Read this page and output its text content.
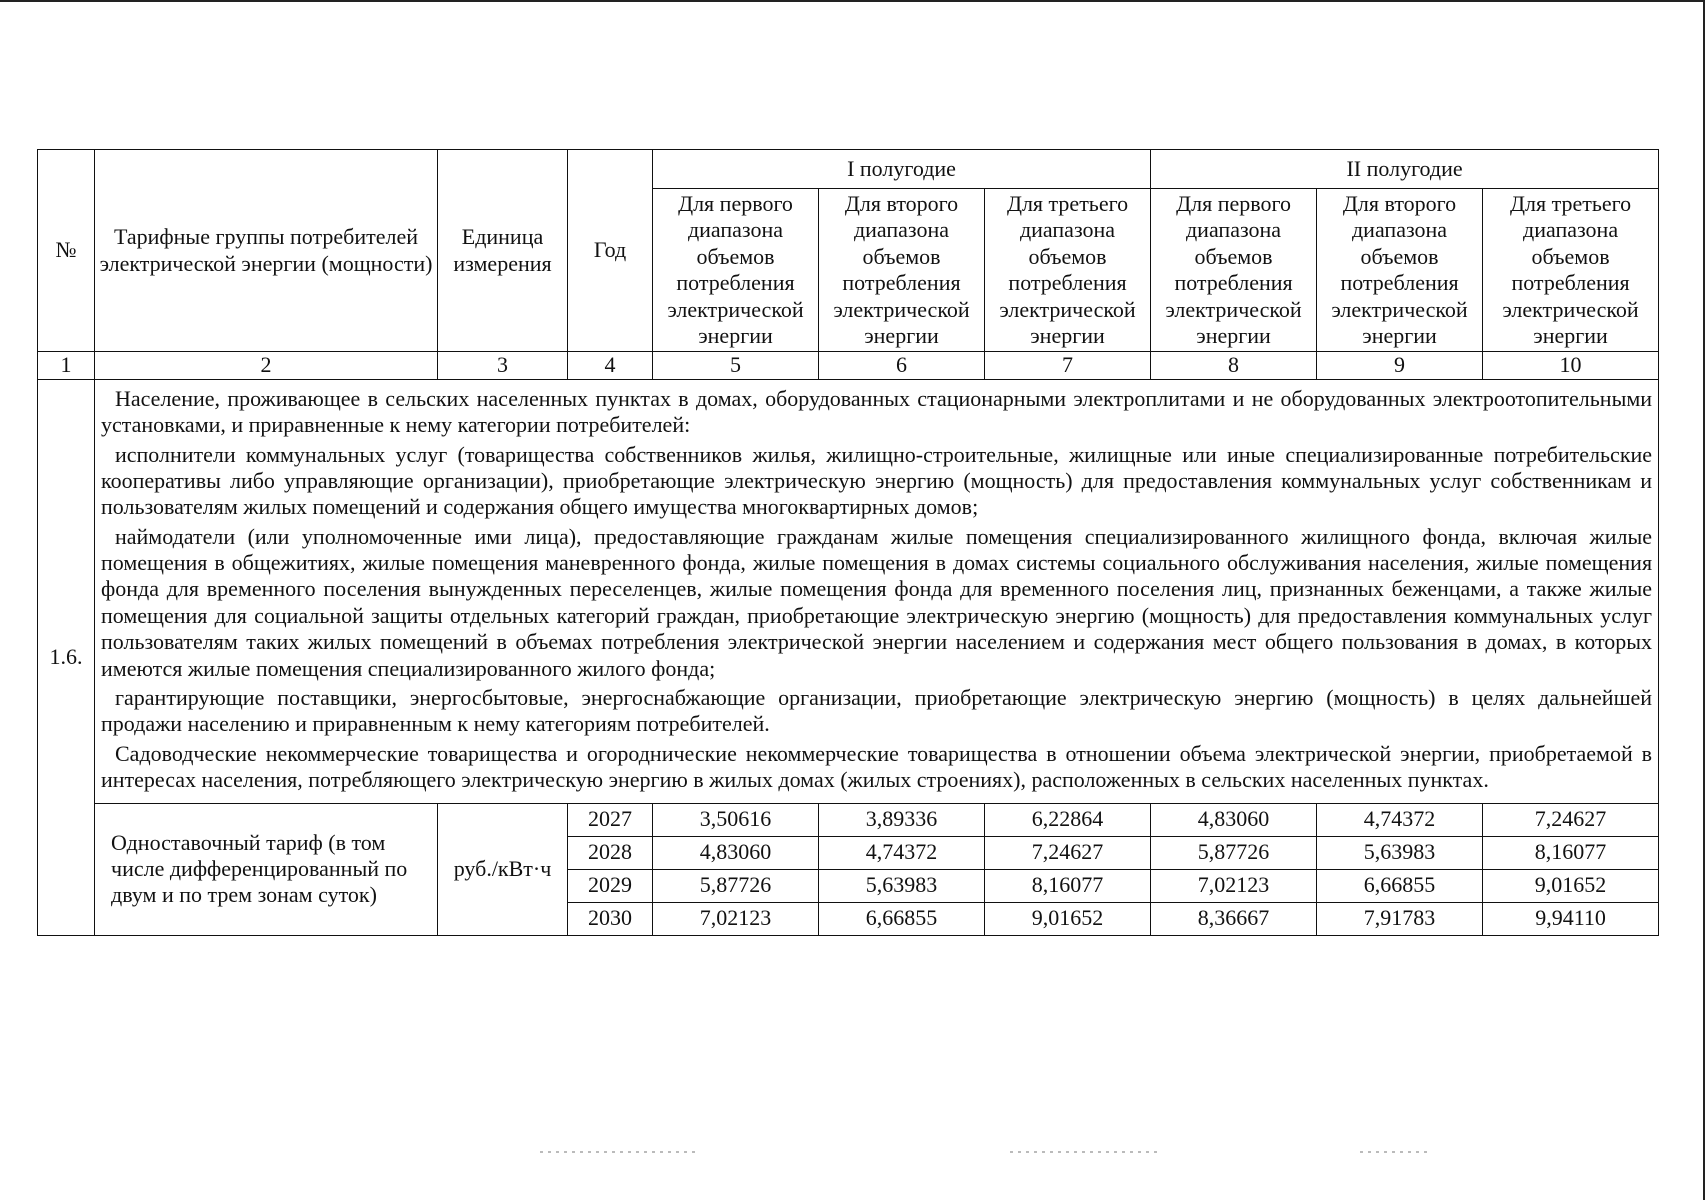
№	Тарифные группы потребителей электрической энергии (мощности)	Единица измерения	Год	I полугодие			II полугодие		
				Для первого диапазона объемов потребления электрической энергии	Для второго диапазона объемов потребления электрической энергии	Для третьего диапазона объемов потребления электрической энергии	Для первого диапазона объемов потребления электрической энергии	Для второго диапазона объемов потребления электрической энергии	Для третьего диапазона объемов потребления электрической энергии
1	2	3	4	5	6	7	8	9	10
1.6.	Население, проживающее в сельских населенных пунктах в домах, оборудованных стационарными электроплитами и не оборудованных электроотопительными установками, и приравненные к нему категории потребителей:

исполнители коммунальных услуг (товарищества собственников жилья, жилищно-строительные, жилищные или иные специализированные потребительские кооперативы либо управляющие организации), приобретающие электрическую энергию (мощность) для предоставления коммунальных услуг собственникам и пользователям жилых помещений и содержания общего имущества многоквартирных домов;

наймодатели (или уполномоченные ими лица), предоставляющие гражданам жилые помещения специализированного жилищного фонда, включая жилые помещения в общежитиях, жилые помещения маневренного фонда, жилые помещения в домах системы социального обслуживания населения, жилые помещения фонда для временного поселения вынужденных переселенцев, жилые помещения фонда для временного поселения лиц, признанных беженцами, а также жилые помещения для социальной защиты отдельных категорий граждан, приобретающие электрическую энергию (мощность) для предоставления коммунальных услуг пользователям таких жилых помещений в объемах потребления электрической энергии населением и содержания мест общего пользования в домах, в которых имеются жилые помещения специализированного жилого фонда;

гарантирующие поставщики, энергосбытовые, энергоснабжающие организации, приобретающие электрическую энергию (мощность) в целях дальнейшей продажи населению и приравненным к нему категориям потребителей.

Садоводческие некоммерческие товарищества и огороднические некоммерческие товарищества в отношении объема электрической энергии, приобретаемой в интересах населения, потребляющего электрическую энергию в жилых домах (жилых строениях), расположенных в сельских населенных пунктах.								

	Одноставочный тариф (в том числе дифференцированный по двум и по трем зонам суток)	руб./кВт·ч	2027	3,50616	3,89336	6,22864	4,83060	4,74372	7,24627
			2028	4,83060	4,74372	7,24627	5,87726	5,63983	8,16077
			2029	5,87726	5,63983	8,16077	7,02123	6,66855	9,01652
			2030	7,02123	6,66855	9,01652	8,36667	7,91783	9,94110
